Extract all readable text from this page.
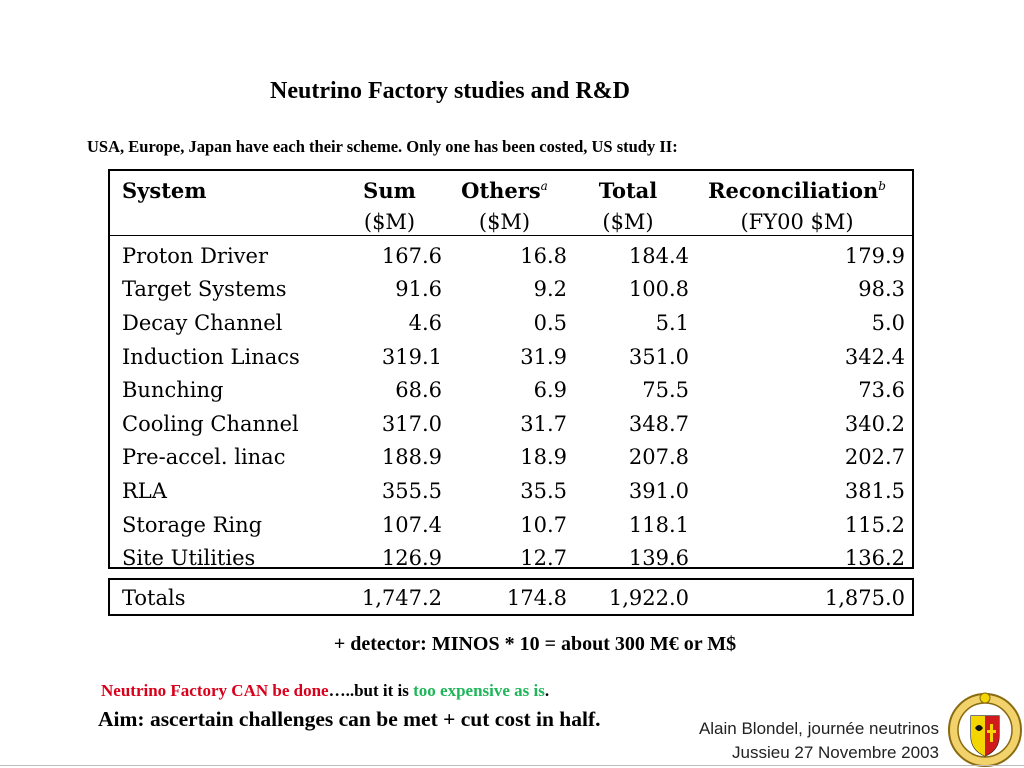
Neutrino Factory studies and R&D
USA, Europe, Japan have each their scheme. Only one has been costed, US study II:
System	Sum	Others$^a$	Total	Reconciliation$^b$
	($M)	($M)	($M)	(FY00 $M)
Proton Driver	167.6	16.8	184.4	179.9
Target Systems	91.6	9.2	100.8	98.3
Decay Channel	4.6	0.5	5.1	5.0
Induction Linacs	319.1	31.9	351.0	342.4
Bunching	68.6	6.9	75.5	73.6
Cooling Channel	317.0	31.7	348.7	340.2
Pre-accel. linac	188.9	18.9	207.8	202.7
RLA	355.5	35.5	391.0	381.5
Storage Ring	107.4	10.7	118.1	115.2
Site Utilities	126.9	12.7	139.6	136.2
Totals	1,747.2	174.8	1,922.0	1,875.0
+ detector: MINOS * 10 = about 300 M€ or M$
Neutrino Factory CAN be done…..but it is too expensive as is.
Aim: ascertain challenges can be met + cut cost in half.	Alain Blondel, journée neutrinos
Jussieu 27 Novembre 2003
